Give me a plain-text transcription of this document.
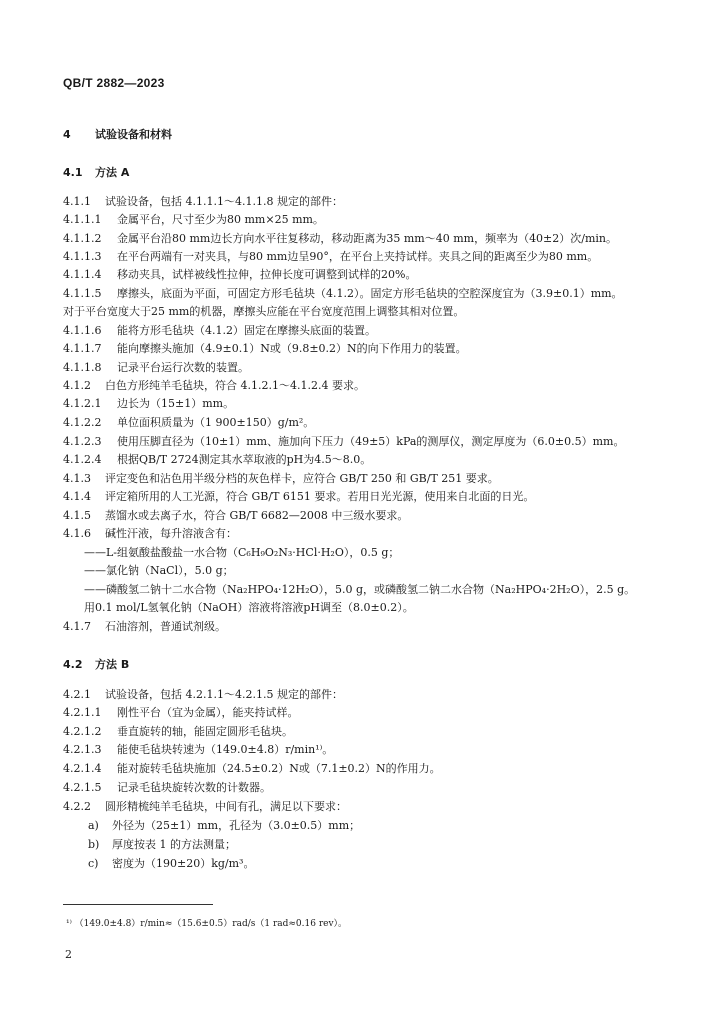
QB/T 2882—2023
4 试验设备和材料
4.1 方法 A
4.1.1 试验设备，包括 4.1.1.1～4.1.1.8 规定的部件：
4.1.1.1 金属平台，尺寸至少为80 mm×25 mm。
4.1.1.2 金属平台沿80 mm边长方向水平往复移动，移动距离为35 mm～40 mm，频率为（40±2）次/min。
4.1.1.3 在平台两端有一对夹具，与80 mm边呈90°，在平台上夹持试样。夹具之间的距离至少为80 mm。
4.1.1.4 移动夹具，试样被线性拉伸，拉伸长度可调整到试样的20%。
4.1.1.5 摩擦头，底面为平面，可固定方形毛毡块（4.1.2）。固定方形毛毡块的空腔深度宜为（3.9±0.1）mm。
对于平台宽度大于25 mm的机器，摩擦头应能在平台宽度范围上调整其相对位置。
4.1.1.6 能将方形毛毡块（4.1.2）固定在摩擦头底面的装置。
4.1.1.7 能向摩擦头施加（4.9±0.1）N或（9.8±0.2）N的向下作用力的装置。
4.1.1.8 记录平台运行次数的装置。
4.1.2 白色方形纯羊毛毡块，符合 4.1.2.1～4.1.2.4 要求。
4.1.2.1 边长为（15±1）mm。
4.1.2.2 单位面积质量为（1 900±150）g/m²。
4.1.2.3 使用压脚直径为（10±1）mm、施加向下压力（49±5）kPa的测厚仪，测定厚度为（6.0±0.5）mm。
4.1.2.4 根据QB/T 2724测定其水萃取液的pH为4.5～8.0。
4.1.3 评定变色和沾色用半级分档的灰色样卡，应符合 GB/T 250 和 GB/T 251 要求。
4.1.4 评定箱所用的人工光源，符合 GB/T 6151 要求。若用日光光源，使用来自北面的日光。
4.1.5 蒸馏水或去离子水，符合 GB/T 6682—2008 中三级水要求。
4.1.6 碱性汗液，每升溶液含有：
——L-组氨酸盐酸盐一水合物（C₆H₉O₂N₃·HCl·H₂O），0.5 g；
——氯化钠（NaCl），5.0 g；
——磷酸氢二钠十二水合物（Na₂HPO₄·12H₂O），5.0 g，或磷酸氢二钠二水合物（Na₂HPO₄·2H₂O），2.5 g。
用0.1 mol/L氢氧化钠（NaOH）溶液将溶液pH调至（8.0±0.2）。
4.1.7 石油溶剂，普通试剂级。
4.2 方法 B
4.2.1 试验设备，包括 4.2.1.1～4.2.1.5 规定的部件：
4.2.1.1 刚性平台（宜为金属），能夹持试样。
4.2.1.2 垂直旋转的轴，能固定圆形毛毡块。
4.2.1.3 能使毛毡块转速为（149.0±4.8）r/min¹⁾。
4.2.1.4 能对旋转毛毡块施加（24.5±0.2）N或（7.1±0.2）N的作用力。
4.2.1.5 记录毛毡块旋转次数的计数器。
4.2.2 圆形精梳纯羊毛毡块，中间有孔，满足以下要求：
a) 外径为（25±1）mm，孔径为（3.0±0.5）mm；
b) 厚度按表 1 的方法测量；
c) 密度为（190±20）kg/m³。
¹⁾ （149.0±4.8）r/min≈（15.6±0.5）rad/s（1 rad≈0.16 rev）。
2
